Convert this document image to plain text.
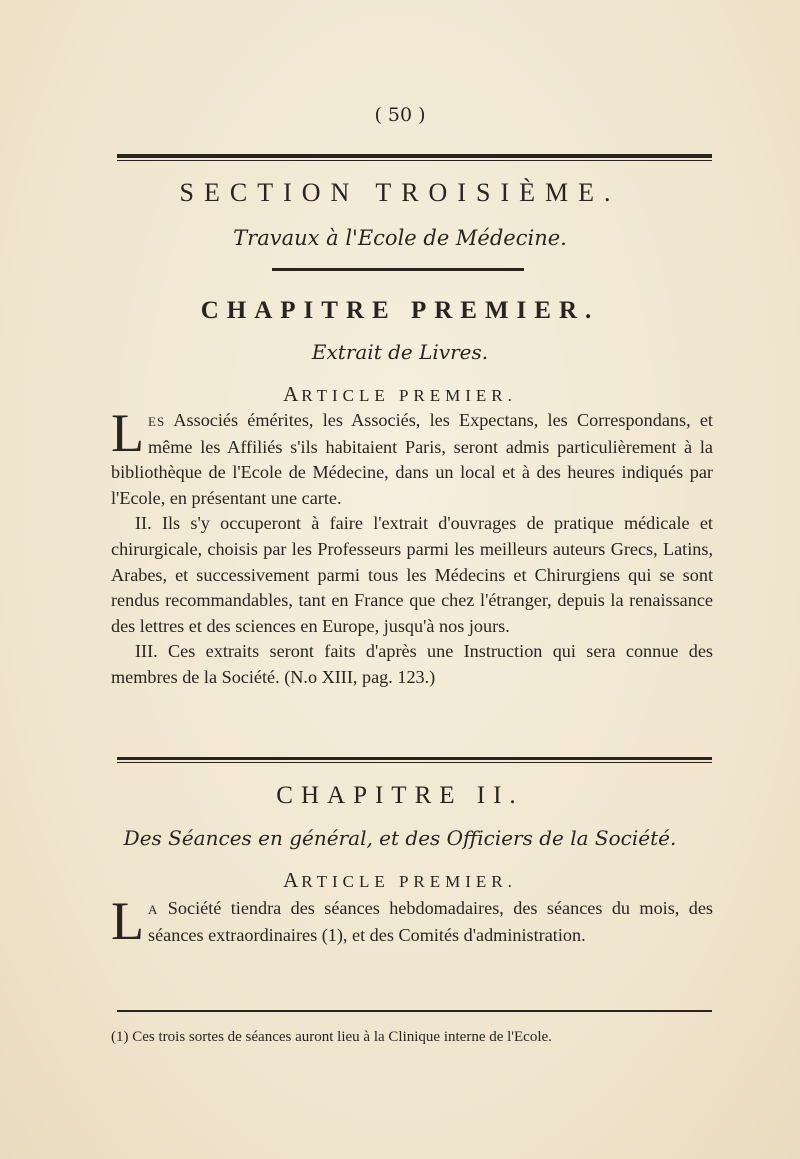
( 50 )
SECTION TROISIÈME.
Travaux à l'Ecole de Médecine.
CHAPITRE PREMIER.
Extrait de Livres.
ARTICLE PREMIER.

LES Associés émérites, les Associés, les Expectans, les Correspondans, et même les Affiliés s'ils habitaient Paris, seront admis particulièrement à la bibliothèque de l'Ecole de Médecine, dans un local et à des heures indiqués par l'Ecole, en présentant une carte.

II. Ils s'y occuperont à faire l'extrait d'ouvrages de pratique médicale et chirurgicale, choisis par les Professeurs parmi les meilleurs auteurs Grecs, Latins, Arabes, et successivement parmi tous les Médecins et Chirurgiens qui se sont rendus recommandables, tant en France que chez l'étranger, depuis la renaissance des lettres et des sciences en Europe, jusqu'à nos jours.

III. Ces extraits seront faits d'après une Instruction qui sera connue des membres de la Société. (N.o XIII, pag. 123.)

CHAPITRE II.
Des Séances en général, et des Officiers de la Société.
ARTICLE PREMIER.

L A Société tiendra des séances hebdomadaires, des séances du mois, des séances extraordinaires (1), et des Comités d'administration.

(1) Ces trois sortes de séances auront lieu à la Clinique interne de l'Ecole.
